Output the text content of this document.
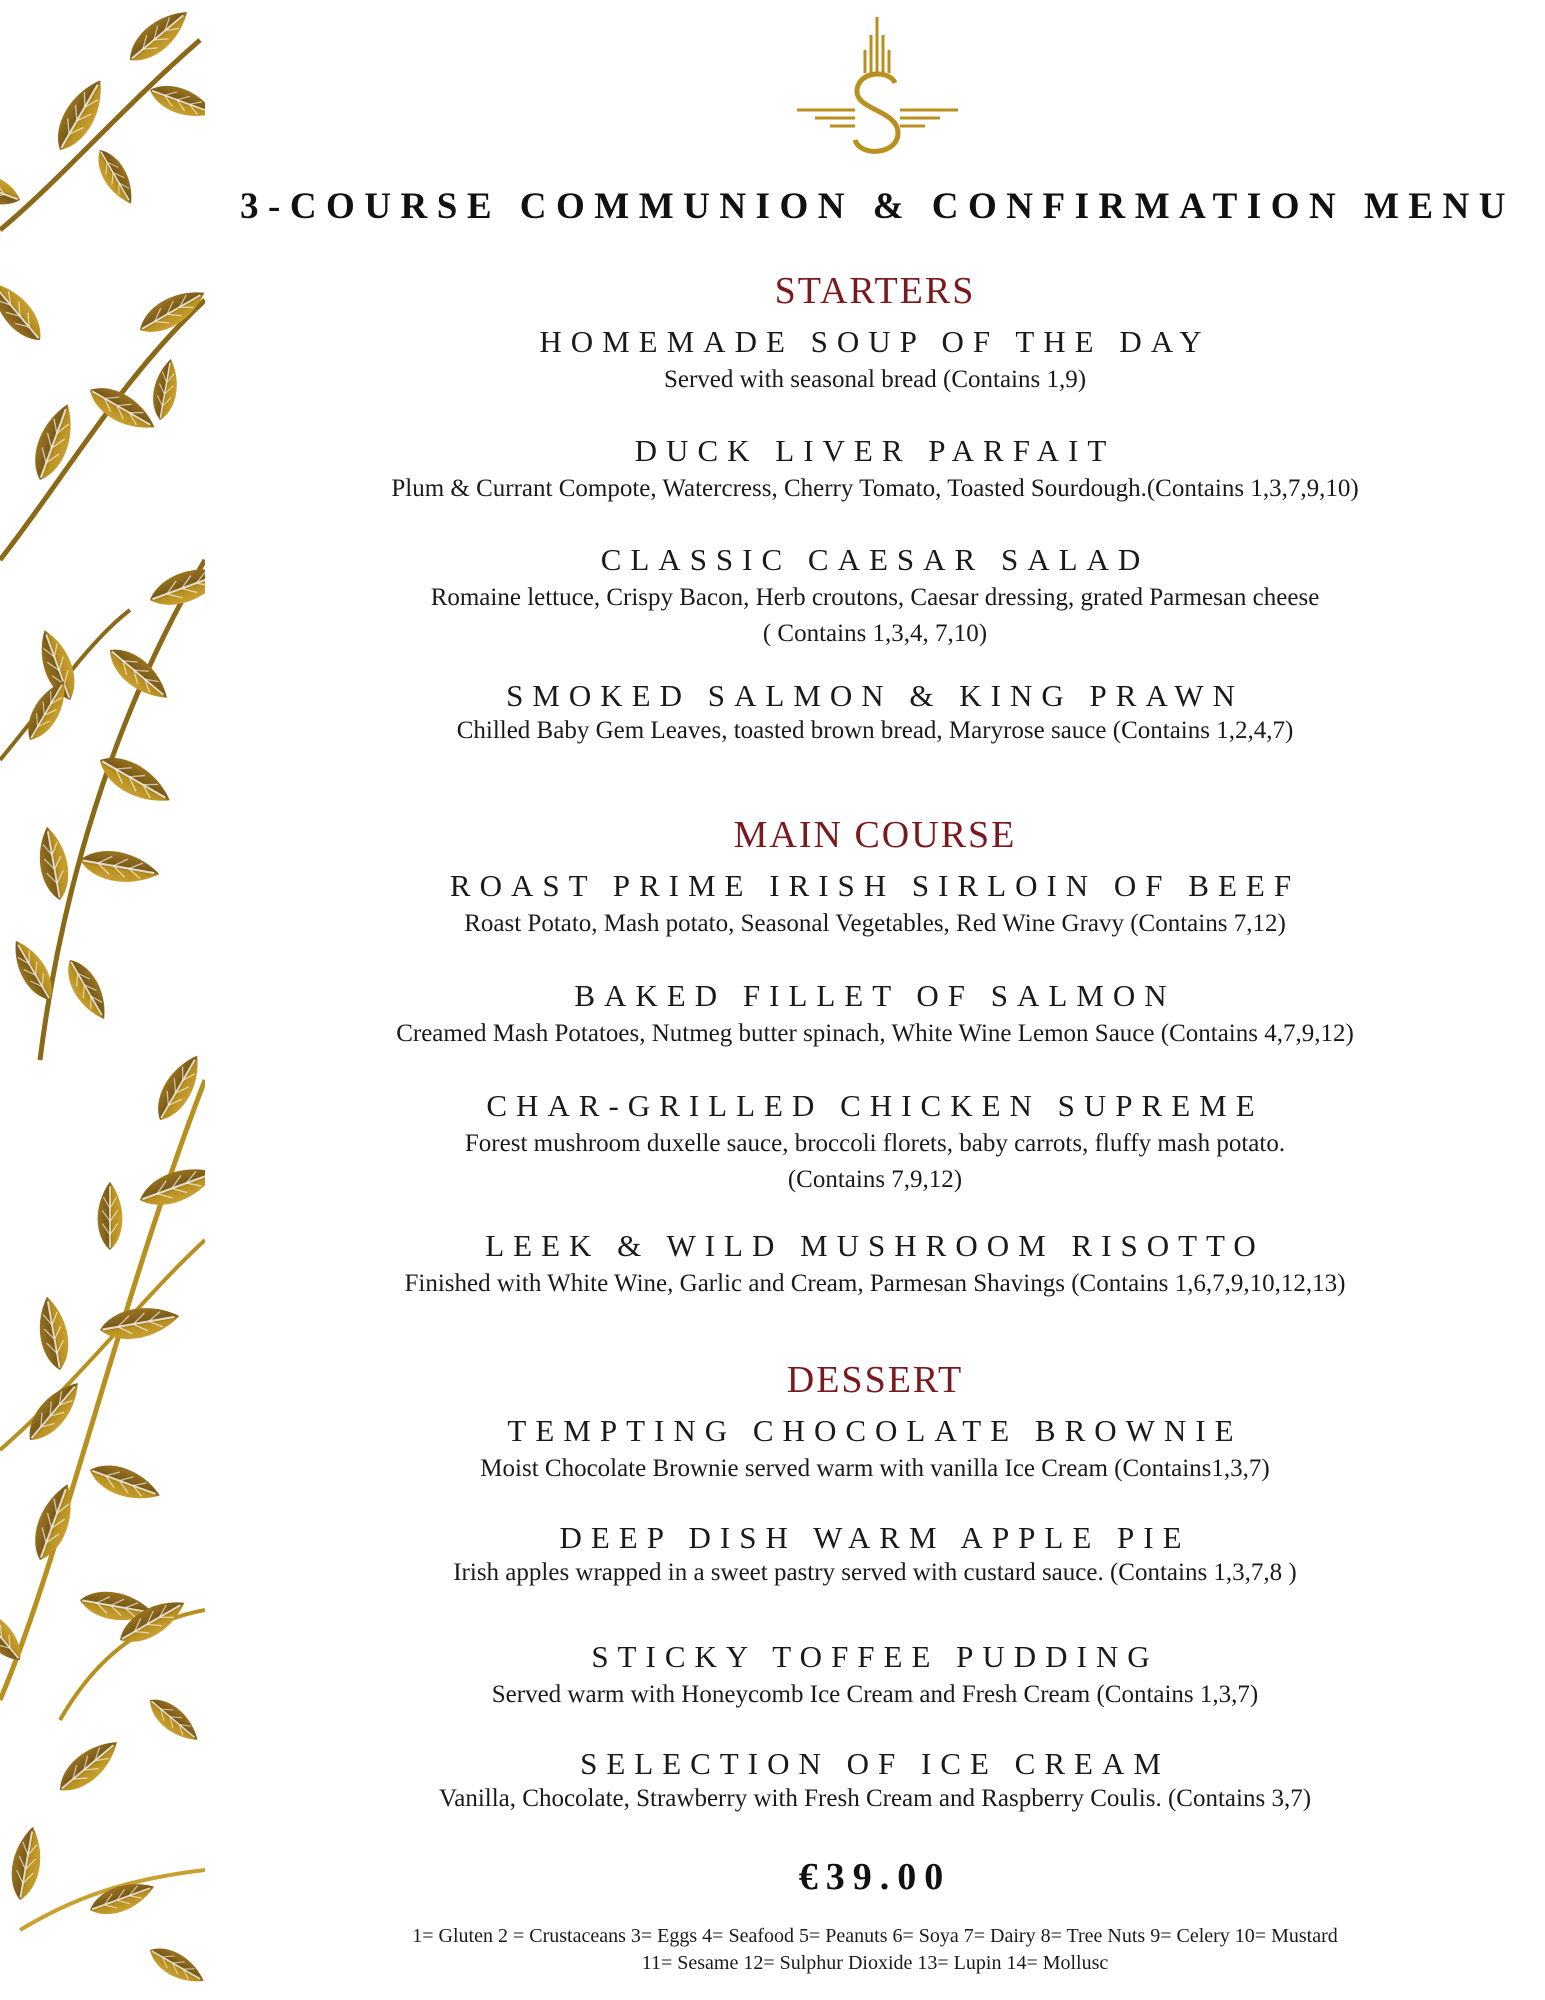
3-COURSE COMMUNION & CONFIRMATION MENU

STARTERS

HOMEMADE SOUP OF THE DAY
Served with seasonal bread (Contains 1,9)
DUCK LIVER PARFAIT
Plum & Currant Compote, Watercress, Cherry Tomato, Toasted Sourdough.(Contains 1,3,7,9,10)
CLASSIC CAESAR SALAD
Romaine lettuce, Crispy Bacon, Herb croutons, Caesar dressing, grated Parmesan cheese
( Contains 1,3,4, 7,10)
SMOKED SALMON & KING PRAWN
Chilled Baby Gem Leaves, toasted brown bread, Maryrose sauce (Contains 1,2,4,7)

MAIN COURSE

ROAST PRIME IRISH SIRLOIN OF BEEF
Roast Potato, Mash potato, Seasonal Vegetables, Red Wine Gravy (Contains 7,12)
BAKED FILLET OF SALMON
Creamed Mash Potatoes, Nutmeg butter spinach, White Wine Lemon Sauce (Contains 4,7,9,12)
CHAR-GRILLED CHICKEN SUPREME
Forest mushroom duxelle sauce, broccoli florets, baby carrots, fluffy mash potato.
(Contains 7,9,12)
LEEK & WILD MUSHROOM RISOTTO
Finished with White Wine, Garlic and Cream, Parmesan Shavings (Contains 1,6,7,9,10,12,13)

DESSERT

TEMPTING CHOCOLATE BROWNIE
Moist Chocolate Brownie served warm with vanilla Ice Cream (Contains1,3,7)
DEEP DISH WARM APPLE PIE
Irish apples wrapped in a sweet pastry served with custard sauce. (Contains 1,3,7,8 )
STICKY TOFFEE PUDDING
Served warm with Honeycomb Ice Cream and Fresh Cream (Contains 1,3,7)
SELECTION OF ICE CREAM
Vanilla, Chocolate, Strawberry with Fresh Cream and Raspberry Coulis. (Contains 3,7)
€39.00
1= Gluten 2 = Crustaceans 3= Eggs 4= Seafood 5= Peanuts 6= Soya 7= Dairy 8= Tree Nuts 9= Celery 10= Mustard
11= Sesame 12= Sulphur Dioxide 13= Lupin 14= Mollusc
